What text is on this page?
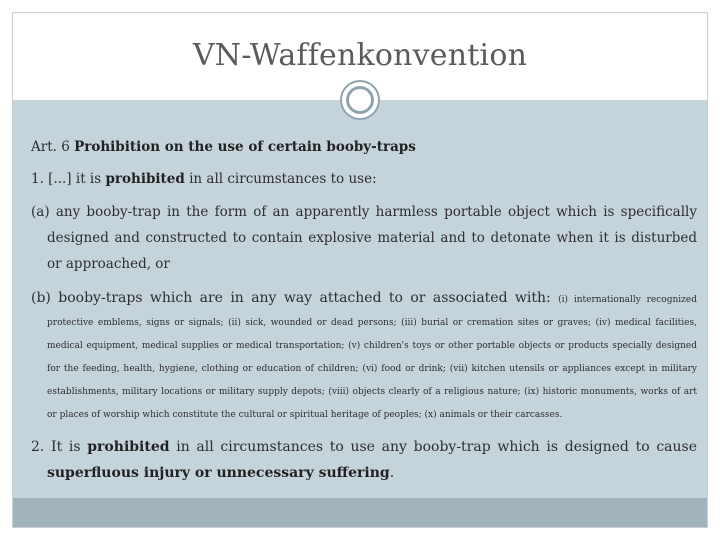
VN-Waffenkonvention

Art. 6 Prohibition on the use of certain booby-traps

1. [...] it is prohibited in all circumstances to use:

(a) any booby-trap in the form of an apparently harmless portable object which is specifically designed and constructed to contain explosive material and to detonate when it is disturbed or approached, or

(b) booby-traps which are in any way attached to or associated with: (i) internationally recognized protective emblems, signs or signals; (ii) sick, wounded or dead persons; (iii) burial or cremation sites or graves; (iv) medical facilities, medical equipment, medical supplies or medical transportation; (v) children's toys or other portable objects or products specially designed for the feeding, health, hygiene, clothing or education of children; (vi) food or drink; (vii) kitchen utensils or appliances except in military establishments, military locations or military supply depots; (viii) objects clearly of a religious nature; (ix) historic monuments, works of art or places of worship which constitute the cultural or spiritual heritage of peoples; (x) animals or their carcasses.

2. It is prohibited in all circumstances to use any booby-trap which is designed to cause superfluous injury or unnecessary suffering.
